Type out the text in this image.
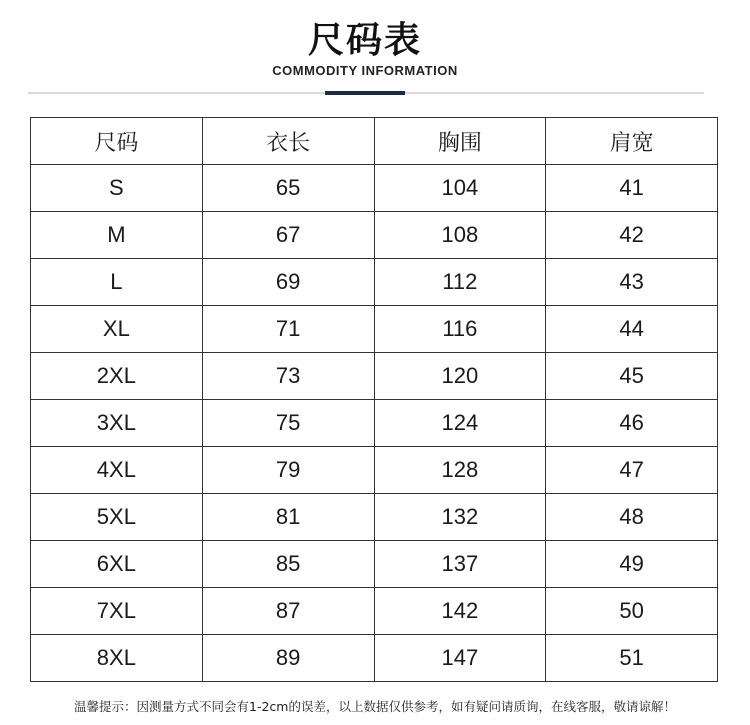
尺码表
COMMODITY INFORMATION
尺码	衣长	胸围	肩宽
S	65	104	41
M	67	108	42
L	69	112	43
XL	71	116	44
2XL	73	120	45
3XL	75	124	46
4XL	79	128	47
5XL	81	132	48
6XL	85	137	49
7XL	87	142	50
8XL	89	147	51
温馨提示：因测量方式不同会有1-2cm的误差，以上数据仅供参考，如有疑问请质询，在线客服，敬请谅解！
